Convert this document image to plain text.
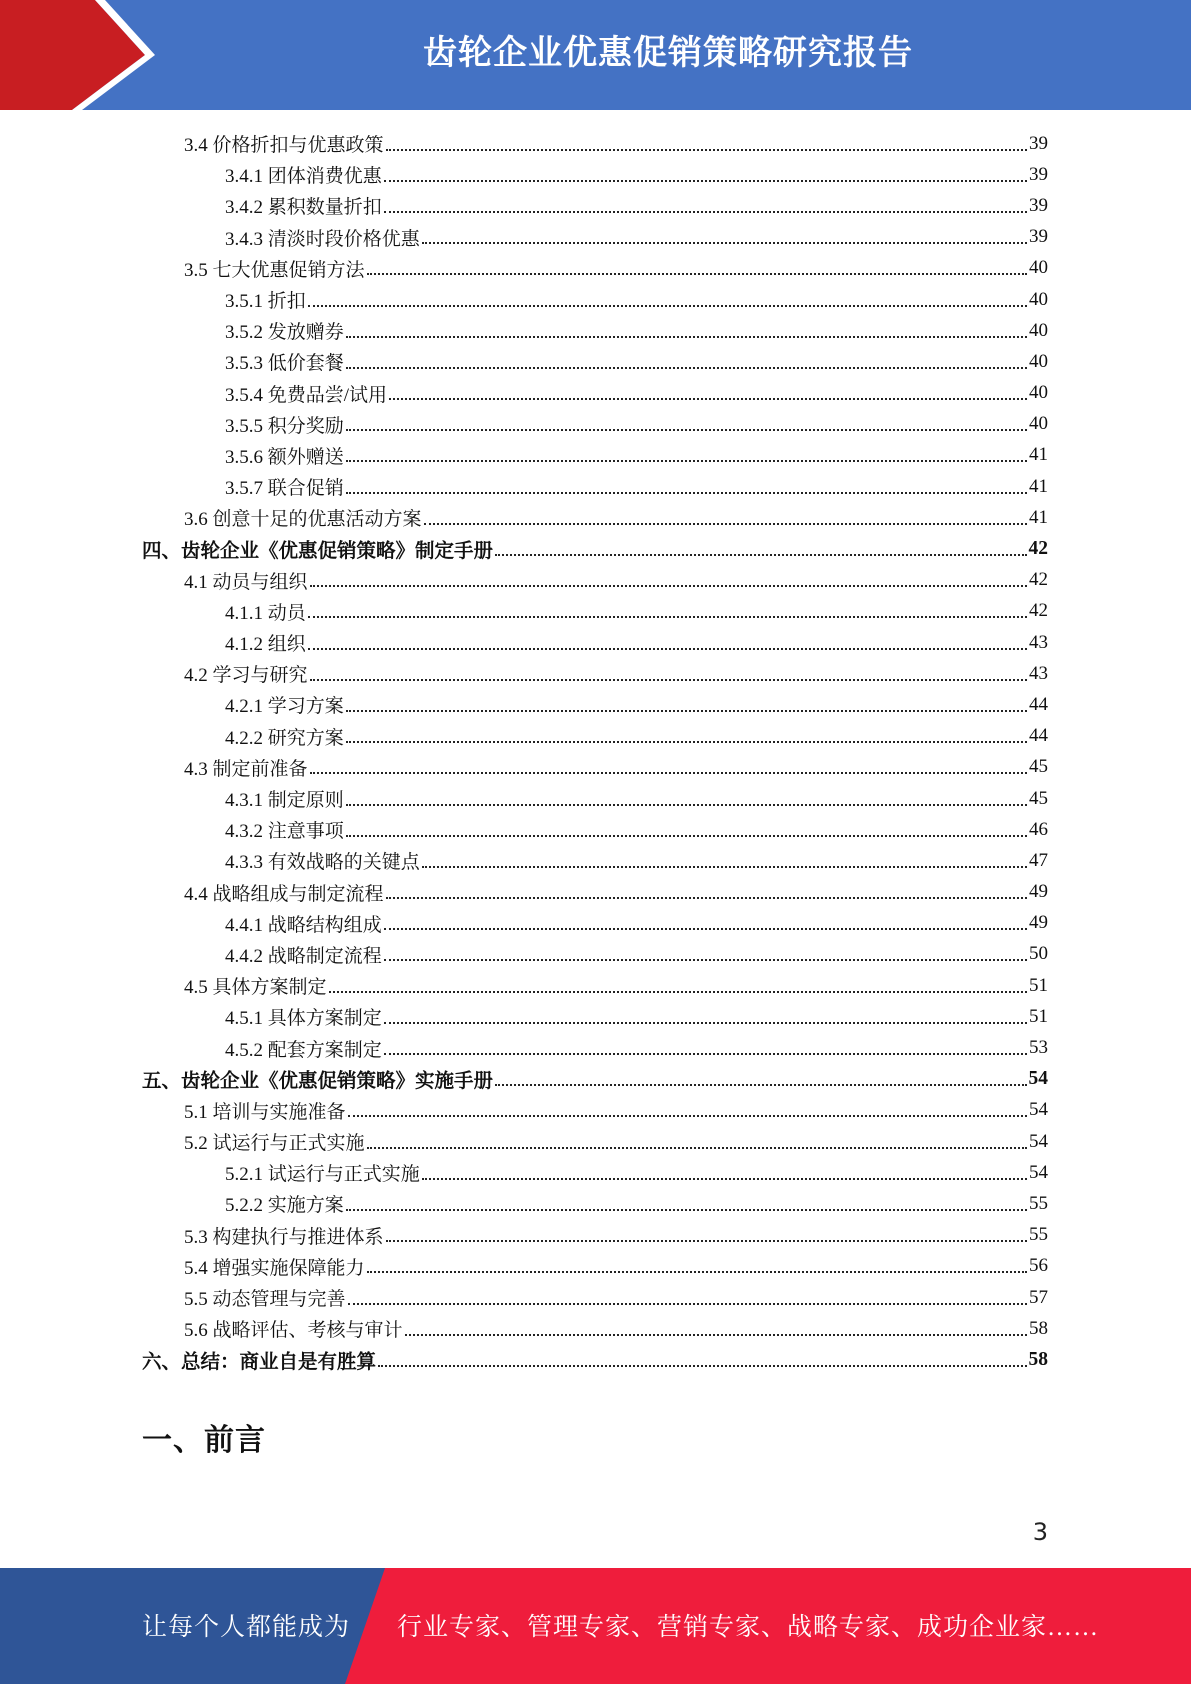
齿轮企业优惠促销策略研究报告
3.4 价格折扣与优惠政策	39
3.4.1 团体消费优惠	39
3.4.2 累积数量折扣	39
3.4.3 清淡时段价格优惠	39
3.5 七大优惠促销方法	40
3.5.1 折扣	40
3.5.2 发放赠券	40
3.5.3 低价套餐	40
3.5.4 免费品尝/试用	40
3.5.5 积分奖励	40
3.5.6 额外赠送	41
3.5.7 联合促销	41
3.6 创意十足的优惠活动方案	41
四、齿轮企业《优惠促销策略》制定手册	42
4.1 动员与组织	42
4.1.1 动员	42
4.1.2 组织	43
4.2 学习与研究	43
4.2.1 学习方案	44
4.2.2 研究方案	44
4.3 制定前准备	45
4.3.1 制定原则	45
4.3.2 注意事项	46
4.3.3 有效战略的关键点	47
4.4 战略组成与制定流程	49
4.4.1 战略结构组成	49
4.4.2 战略制定流程	50
4.5 具体方案制定	51
4.5.1 具体方案制定	51
4.5.2 配套方案制定	53
五、齿轮企业《优惠促销策略》实施手册	54
5.1 培训与实施准备	54
5.2 试运行与正式实施	54
5.2.1 试运行与正式实施	54
5.2.2 实施方案	55
5.3 构建执行与推进体系	55
5.4 增强实施保障能力	56
5.5 动态管理与完善	57
5.6 战略评估、考核与审计	58
六、总结：商业自是有胜算	58
一、前言
3
让每个人都能成为 行业专家、管理专家、营销专家、战略专家、成功企业家……
